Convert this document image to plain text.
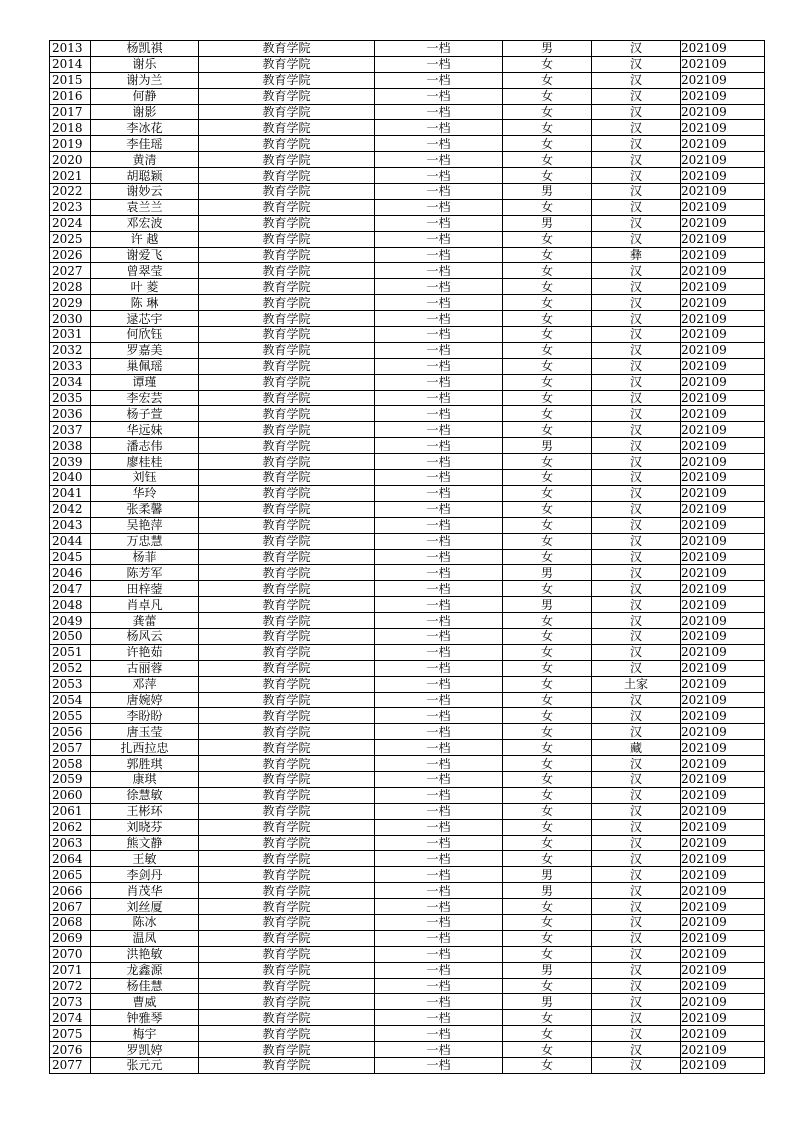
2013	杨凯祺	教育学院	一档	男	汉	202109
2014	谢乐	教育学院	一档	女	汉	202109
2015	谢为兰	教育学院	一档	女	汉	202109
2016	何静	教育学院	一档	女	汉	202109
2017	谢影	教育学院	一档	女	汉	202109
2018	李冰花	教育学院	一档	女	汉	202109
2019	李佳瑶	教育学院	一档	女	汉	202109
2020	黄清	教育学院	一档	女	汉	202109
2021	胡聪颖	教育学院	一档	女	汉	202109
2022	谢妙云	教育学院	一档	男	汉	202109
2023	袁兰兰	教育学院	一档	女	汉	202109
2024	邓宏波	教育学院	一档	男	汉	202109
2025	许 越	教育学院	一档	女	汉	202109
2026	谢爱飞	教育学院	一档	女	彝	202109
2027	曾翠莹	教育学院	一档	女	汉	202109
2028	叶 菱	教育学院	一档	女	汉	202109
2029	陈 琳	教育学院	一档	女	汉	202109
2030	逯芯宇	教育学院	一档	女	汉	202109
2031	何欣钰	教育学院	一档	女	汉	202109
2032	罗嘉美	教育学院	一档	女	汉	202109
2033	巢佩瑶	教育学院	一档	女	汉	202109
2034	谭瑾	教育学院	一档	女	汉	202109
2035	李宏芸	教育学院	一档	女	汉	202109
2036	杨子萱	教育学院	一档	女	汉	202109
2037	华远妹	教育学院	一档	女	汉	202109
2038	潘志伟	教育学院	一档	男	汉	202109
2039	廖桂桂	教育学院	一档	女	汉	202109
2040	刘钰	教育学院	一档	女	汉	202109
2041	华玲	教育学院	一档	女	汉	202109
2042	张柔馨	教育学院	一档	女	汉	202109
2043	吴艳萍	教育学院	一档	女	汉	202109
2044	万忠慧	教育学院	一档	女	汉	202109
2045	杨菲	教育学院	一档	女	汉	202109
2046	陈芳军	教育学院	一档	男	汉	202109
2047	田梓蓥	教育学院	一档	女	汉	202109
2048	肖卓凡	教育学院	一档	男	汉	202109
2049	龚蕾	教育学院	一档	女	汉	202109
2050	杨风云	教育学院	一档	女	汉	202109
2051	许艳茹	教育学院	一档	女	汉	202109
2052	古丽蓉	教育学院	一档	女	汉	202109
2053	邓萍	教育学院	一档	女	土家	202109
2054	唐婉婷	教育学院	一档	女	汉	202109
2055	李盼盼	教育学院	一档	女	汉	202109
2056	唐玉莹	教育学院	一档	女	汉	202109
2057	扎西拉忠	教育学院	一档	女	藏	202109
2058	郭胜琪	教育学院	一档	女	汉	202109
2059	康琪	教育学院	一档	女	汉	202109
2060	徐慧敏	教育学院	一档	女	汉	202109
2061	王彬环	教育学院	一档	女	汉	202109
2062	刘晓芬	教育学院	一档	女	汉	202109
2063	熊文静	教育学院	一档	女	汉	202109
2064	王敏	教育学院	一档	女	汉	202109
2065	李剑丹	教育学院	一档	男	汉	202109
2066	肖茂华	教育学院	一档	男	汉	202109
2067	刘丝厦	教育学院	一档	女	汉	202109
2068	陈冰	教育学院	一档	女	汉	202109
2069	温凤	教育学院	一档	女	汉	202109
2070	洪艳敏	教育学院	一档	女	汉	202109
2071	龙鑫源	教育学院	一档	男	汉	202109
2072	杨佳慧	教育学院	一档	女	汉	202109
2073	曹威	教育学院	一档	男	汉	202109
2074	钟雅琴	教育学院	一档	女	汉	202109
2075	梅宇	教育学院	一档	女	汉	202109
2076	罗凯婷	教育学院	一档	女	汉	202109
2077	张元元	教育学院	一档	女	汉	202109
